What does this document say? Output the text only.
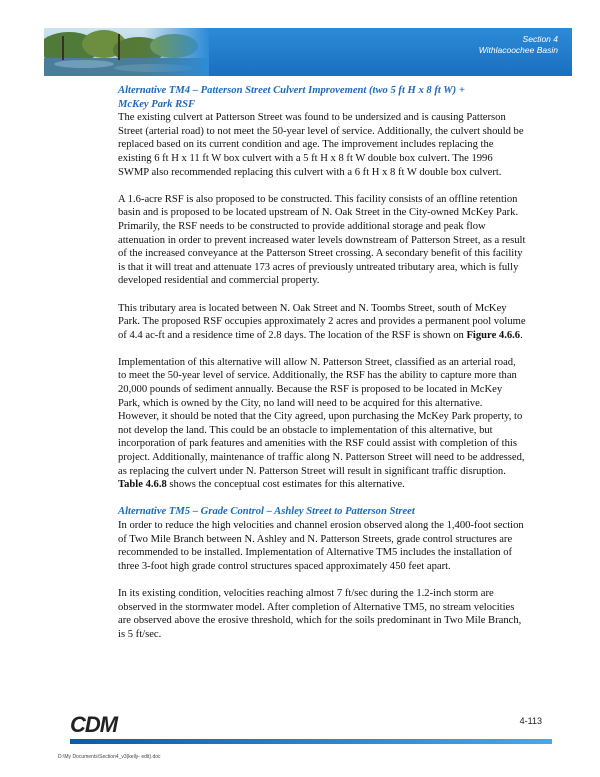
Section 4
Withlacoochee Basin
Alternative TM4 – Patterson Street Culvert Improvement (two 5 ft H x 8 ft W) +
McKey Park RSF

The existing culvert at Patterson Street was found to be undersized and is causing Patterson Street (arterial road) to not meet the 50-year level of service. Additionally, the culvert should be replaced based on its current condition and age. The improvement includes replacing the existing 6 ft H x 11 ft W box culvert with a 5 ft H x 8 ft W double box culvert. The 1996 SWMP also recommended replacing this culvert with a 6 ft H x 8 ft W double box culvert.

A 1.6-acre RSF is also proposed to be constructed. This facility consists of an offline retention basin and is proposed to be located upstream of N. Oak Street in the City-owned McKey Park. Primarily, the RSF needs to be constructed to provide additional storage and peak flow attenuation in order to prevent increased water levels downstream of Patterson Street, as a result of the increased conveyance at the Patterson Street crossing. A secondary benefit of this facility is that it will treat and attenuate 173 acres of previously untreated tributary area, which is fully developed residential and commercial property.

This tributary area is located between N. Oak Street and N. Toombs Street, south of McKey Park. The proposed RSF occupies approximately 2 acres and provides a permanent pool volume of 4.4 ac-ft and a residence time of 2.8 days. The location of the RSF is shown on Figure 4.6.6.

Implementation of this alternative will allow N. Patterson Street, classified as an arterial road, to meet the 50-year level of service. Additionally, the RSF has the ability to capture more than 20,000 pounds of sediment annually. Because the RSF is proposed to be located in McKey Park, which is owned by the City, no land will need to be acquired for this alternative. However, it should be noted that the City agreed, upon purchasing the McKey Park property, to not develop the land. This could be an obstacle to implementation of this alternative, but incorporation of park features and amenities with the RSF could assist with completion of this project. Additionally, maintenance of traffic along N. Patterson Street will need to be addressed, as replacing the culvert under N. Patterson Street will result in significant traffic disruption. Table 4.6.8 shows the conceptual cost estimates for this alternative.

Alternative TM5 – Grade Control – Ashley Street to Patterson Street

In order to reduce the high velocities and channel erosion observed along the 1,400-foot section of Two Mile Branch between N. Ashley and N. Patterson Streets, grade control structures are recommended to be installed. Implementation of Alternative TM5 includes the installation of three 3-foot high grade control structures spaced approximately 450 feet apart.

In its existing condition, velocities reaching almost 7 ft/sec during the 1.2-inch storm are observed in the stormwater model. After completion of Alternative TM5, no stream velocities are observed above the erosive threshold, which for the soils predominant in Two Mile Branch, is 5 ft/sec.

CDM	4-113
D:\My Documents\Section4_v3(kelly- edit).doc
